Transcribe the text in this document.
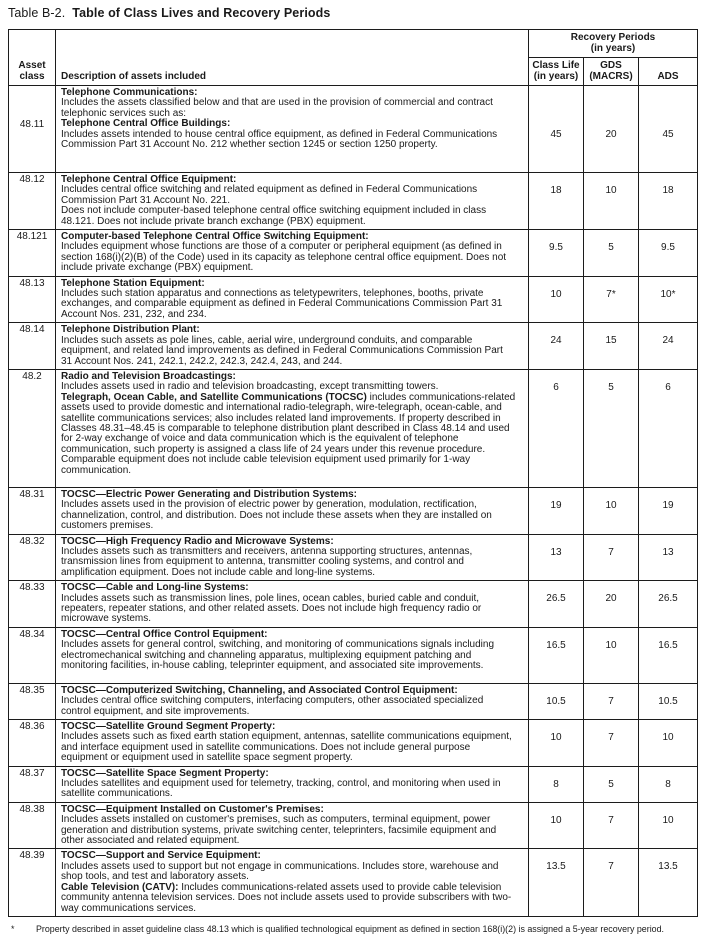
Table B-2. Table of Class Lives and Recovery Periods
Asset
class	Description of assets included	
Recovery Periods
(in years)

Class Life
(in years)

GDS
(MACRS)	ADS
48.11	Telephone Communications:
Includes the assets classified below and that are used in the provision of commercial and contract telephonic services such as:
Telephone Central Office Buildings:
Includes assets intended to house central office equipment, as defined in Federal Communications Commission Part 31 Account No. 212 whether section 1245 or section 1250 property.	45	20	45
48.12	Telephone Central Office Equipment:
Includes central office switching and related equipment as defined in Federal Communications Commission Part 31 Account No. 221.
Does not include computer-based telephone central office switching equipment included in class 48.121. Does not include private branch exchange (PBX) equipment.	18	10	18
48.121	Computer-based Telephone Central Office Switching Equipment:
Includes equipment whose functions are those of a computer or peripheral equipment (as defined in section 168(i)(2)(B) of the Code) used in its capacity as telephone central office equipment. Does not include private exchange (PBX) equipment.	9.5	5	9.5
48.13	Telephone Station Equipment:
Includes such station apparatus and connections as teletypewriters, telephones, booths, private exchanges, and comparable equipment as defined in Federal Communications Commission Part 31 Account Nos. 231, 232, and 234.	10	7*	10*
48.14	Telephone Distribution Plant:
Includes such assets as pole lines, cable, aerial wire, underground conduits, and comparable equipment, and related land improvements as defined in Federal Communications Commission Part 31 Account Nos. 241, 242.1, 242.2, 242.3, 242.4, 243, and 244.	24	15	24
48.2	Radio and Television Broadcastings:
Includes assets used in radio and television broadcasting, except transmitting towers.
Telegraph, Ocean Cable, and Satellite Communications (TOCSC) includes communications-related assets used to provide domestic and international radio-telegraph, wire-telegraph, ocean-cable, and satellite communications services; also includes related land improvements. If property described in Classes 48.31–48.45 is comparable to telephone distribution plant described in Class 48.14 and used for 2-way exchange of voice and data communication which is the equivalent of telephone communication, such property is assigned a class life of 24 years under this revenue procedure. Comparable equipment does not include cable television equipment used primarily for 1-way communication.	6	5	6
48.31	TOCSC—Electric Power Generating and Distribution Systems:
Includes assets used in the provision of electric power by generation, modulation, rectification, channelization, control, and distribution. Does not include these assets when they are installed on customers premises.	19	10	19
48.32	TOCSC—High Frequency Radio and Microwave Systems:
Includes assets such as transmitters and receivers, antenna supporting structures, antennas, transmission lines from equipment to antenna, transmitter cooling systems, and control and amplification equipment. Does not include cable and long-line systems.	13	7	13
48.33	TOCSC—Cable and Long-line Systems:
Includes assets such as transmission lines, pole lines, ocean cables, buried cable and conduit, repeaters, repeater stations, and other related assets. Does not include high frequency radio or microwave systems.	26.5	20	26.5
48.34	TOCSC—Central Office Control Equipment:
Includes assets for general control, switching, and monitoring of communications signals including electromechanical switching and channeling apparatus, multiplexing equipment patching and monitoring facilities, in-house cabling, teleprinter equipment, and associated site improvements.	16.5	10	16.5
48.35	TOCSC—Computerized Switching, Channeling, and Associated Control Equipment:
Includes central office switching computers, interfacing computers, other associated specialized control equipment, and site improvements.	10.5	7	10.5
48.36	TOCSC—Satellite Ground Segment Property:
Includes assets such as fixed earth station equipment, antennas, satellite communications equipment, and interface equipment used in satellite communications. Does not include general purpose equipment or equipment used in satellite space segment property.	10	7	10
48.37	TOCSC—Satellite Space Segment Property:
Includes satellites and equipment used for telemetry, tracking, control, and monitoring when used in satellite communications.	8	5	8
48.38	TOCSC—Equipment Installed on Customer's Premises:
Includes assets installed on customer's premises, such as computers, terminal equipment, power generation and distribution systems, private switching center, teleprinters, facsimile equipment and other associated and related equipment.	10	7	10
48.39	TOCSC—Support and Service Equipment:
Includes assets used to support but not engage in communications. Includes store, warehouse and shop tools, and test and laboratory assets.
Cable Television (CATV): Includes communications-related assets used to provide cable television community antenna television services. Does not include assets used to provide subscribers with two-way communications services.	13.5	7	13.5
*	Property described in asset guideline class 48.13 which is qualified technological equipment as defined in section 168(i)(2) is assigned a 5-year recovery period.
